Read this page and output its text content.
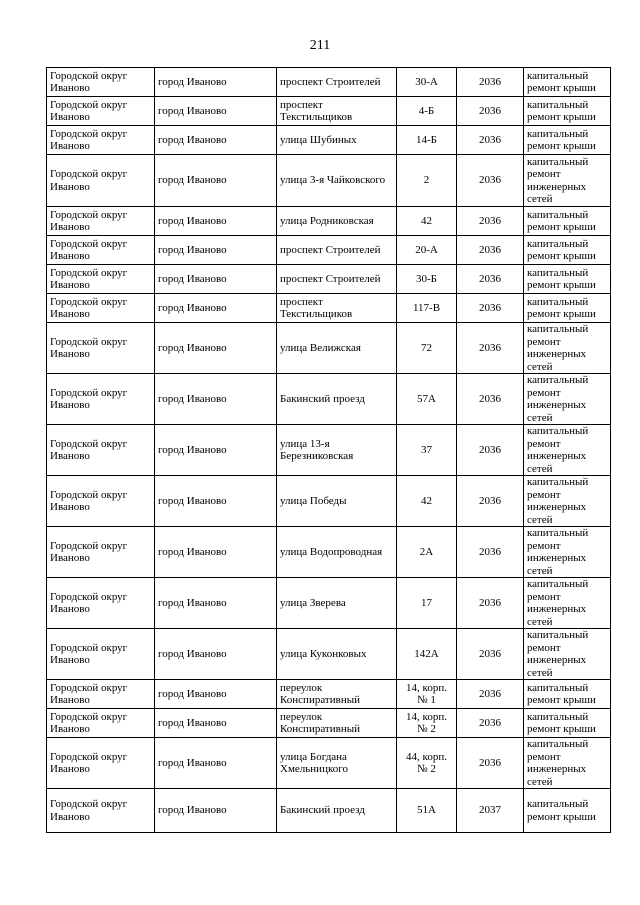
211
Городской округ Иваново	город Иваново	проспект Строителей	30-А	2036	капитальный ремонт крыши
Городской округ Иваново	город Иваново	проспект Текстильщиков	4-Б	2036	капитальный ремонт крыши
Городской округ Иваново	город Иваново	улица Шубиных	14-Б	2036	капитальный ремонт крыши
Городской округ Иваново	город Иваново	улица 3-я Чайковского	2	2036	капитальный ремонт инженерных сетей
Городской округ Иваново	город Иваново	улица Родниковская	42	2036	капитальный ремонт крыши
Городской округ Иваново	город Иваново	проспект Строителей	20-А	2036	капитальный ремонт крыши
Городской округ Иваново	город Иваново	проспект Строителей	30-Б	2036	капитальный ремонт крыши
Городской округ Иваново	город Иваново	проспект Текстильщиков	117-В	2036	капитальный ремонт крыши
Городской округ Иваново	город Иваново	улица Велижская	72	2036	капитальный ремонт инженерных сетей
Городской округ Иваново	город Иваново	Бакинский проезд	57А	2036	капитальный ремонт инженерных сетей
Городской округ Иваново	город Иваново	улица 13-я Березниковская	37	2036	капитальный ремонт инженерных сетей
Городской округ Иваново	город Иваново	улица Победы	42	2036	капитальный ремонт инженерных сетей
Городской округ Иваново	город Иваново	улица Водопроводная	2А	2036	капитальный ремонт инженерных сетей
Городской округ Иваново	город Иваново	улица Зверева	17	2036	капитальный ремонт инженерных сетей
Городской округ Иваново	город Иваново	улица Куконковых	142А	2036	капитальный ремонт инженерных сетей
Городской округ Иваново	город Иваново	переулок Конспиративный	14, корп. № 1	2036	капитальный ремонт крыши
Городской округ Иваново	город Иваново	переулок Конспиративный	14, корп. № 2	2036	капитальный ремонт крыши
Городской округ Иваново	город Иваново	улица Богдана Хмельницкого	44, корп. № 2	2036	капитальный ремонт инженерных сетей
Городской округ Иваново	город Иваново	Бакинский проезд	51А	2037	капитальный ремонт крыши
